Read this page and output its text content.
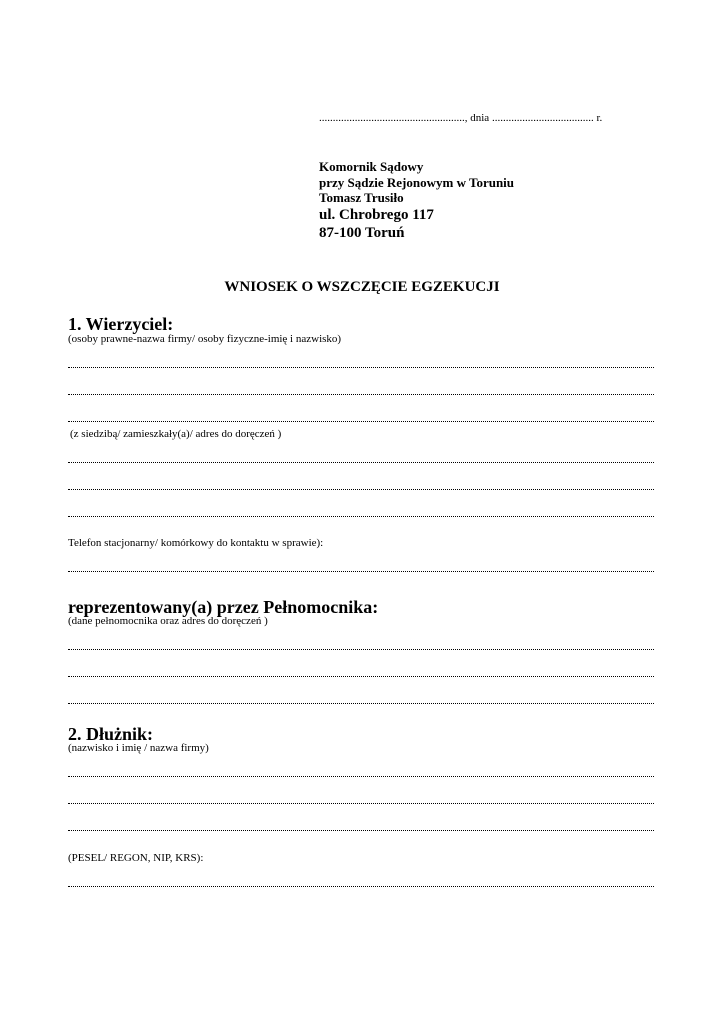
....................................................., dnia ..................................... r.
Komornik Sądowy
przy Sądzie Rejonowym w Toruniu
Tomasz Trusiło
ul. Chrobrego 117
87-100 Toruń
WNIOSEK O WSZCZĘCIE EGZEKUCJI
1. Wierzyciel:
(osoby prawne-nazwa firmy/ osoby fizyczne-imię i nazwisko)
(z siedzibą/ zamieszkały(a)/ adres do doręczeń )
Telefon stacjonarny/ komórkowy do kontaktu w sprawie):
reprezentowany(a) przez Pełnomocnika:
(dane pełnomocnika oraz adres do doręczeń )
2. Dłużnik:
(nazwisko i imię / nazwa firmy)
(PESEL/ REGON, NIP, KRS):
